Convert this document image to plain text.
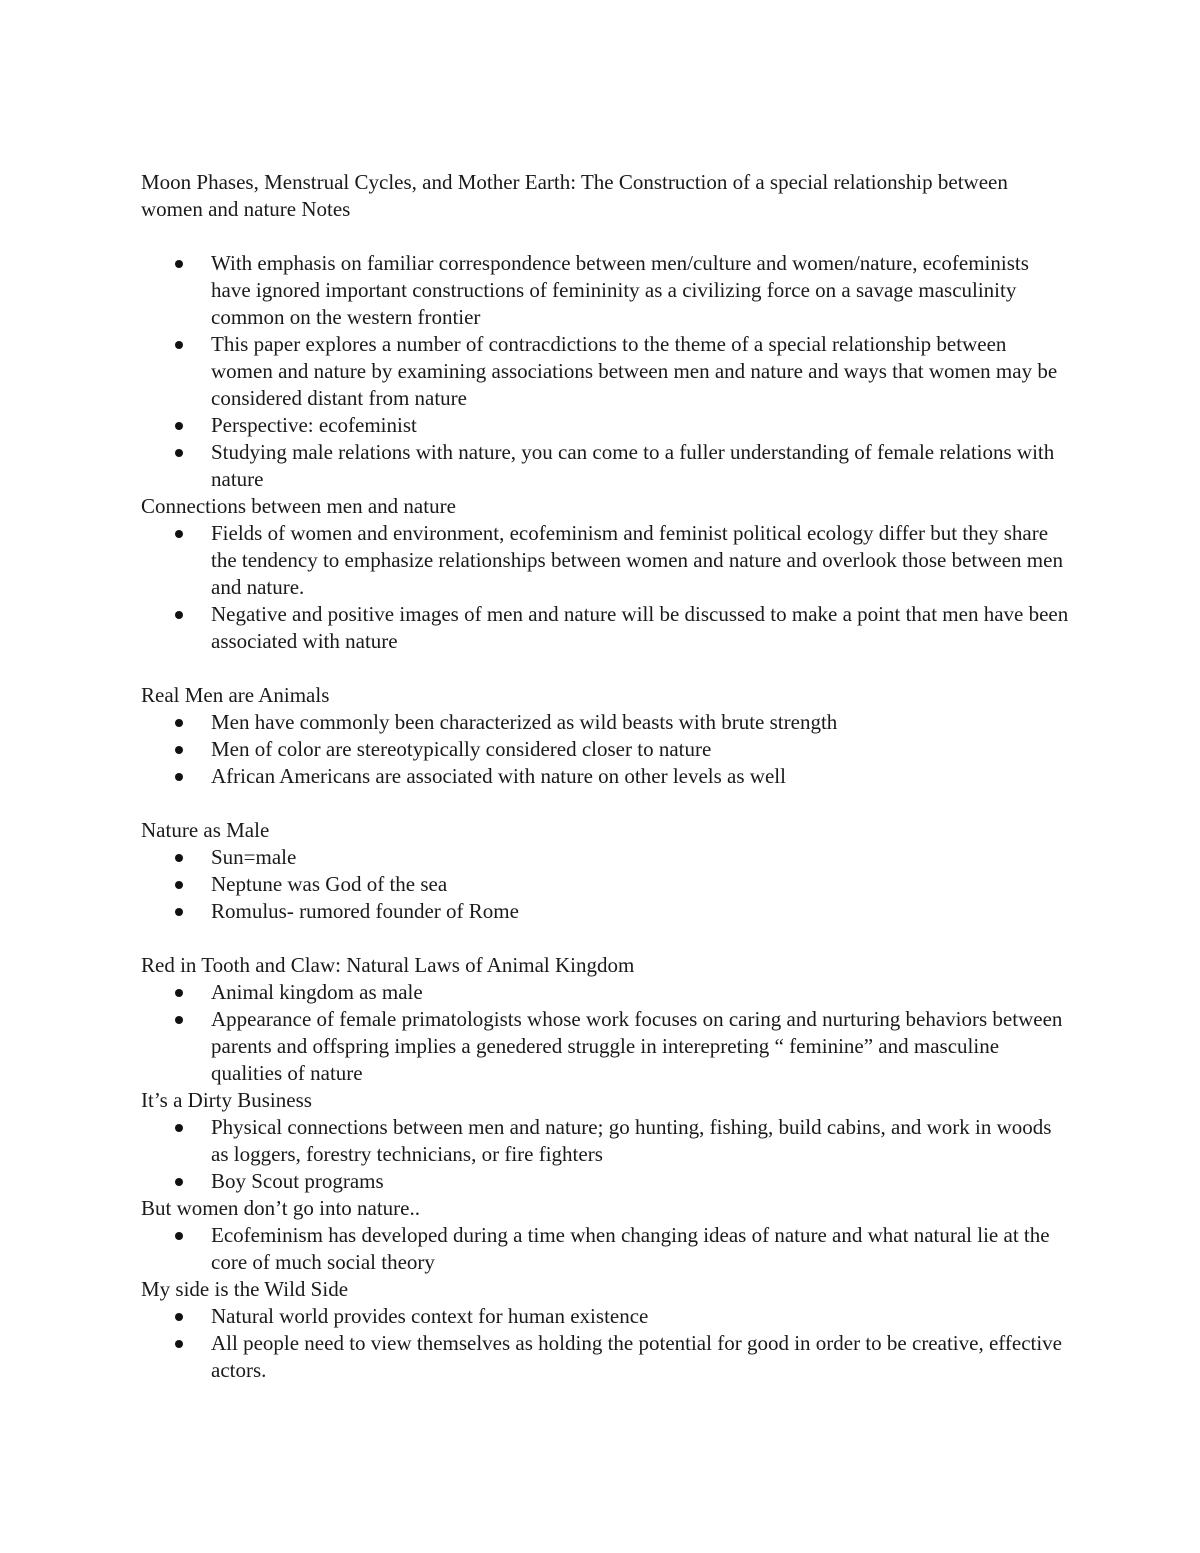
Moon Phases, Menstrual Cycles, and Mother Earth: The Construction of a special relationship between women and nature Notes

With emphasis on familiar correspondence between men/culture and women/nature, ecofeminists have ignored important constructions of femininity as a civilizing force on a savage masculinity common on the western frontier
This paper explores a number of contracdictions to the theme of a special relationship between women and nature by examining associations between men and nature and ways that women may be considered distant from nature
Perspective: ecofeminist
Studying male relations with nature, you can come to a fuller understanding of female relations with nature

Connections between men and nature

Fields of women and environment, ecofeminism and feminist political ecology differ but they share the tendency to emphasize relationships between women and nature and overlook those between men and nature.
Negative and positive images of men and nature will be discussed to make a point that men have been associated with nature

Real Men are Animals

Men have commonly been characterized as wild beasts with brute strength
Men of color are stereotypically considered closer to nature
African Americans are associated with nature on other levels as well

Nature as Male

Sun=male
Neptune was God of the sea
Romulus- rumored founder of Rome

Red in Tooth and Claw: Natural Laws of Animal Kingdom

Animal kingdom as male
Appearance of female primatologists whose work focuses on caring and nurturing behaviors between parents and offspring implies a genedered struggle in interepreting “ feminine” and masculine qualities of nature

It’s a Dirty Business

Physical connections between men and nature; go hunting, fishing, build cabins, and work in woods as loggers, forestry technicians, or fire fighters
Boy Scout programs

But women don’t go into nature..

Ecofeminism has developed during a time when changing ideas of nature and what natural lie at the core of much social theory

My side is the Wild Side

Natural world provides context for human existence
All people need to view themselves as holding the potential for good in order to be creative, effective actors.
